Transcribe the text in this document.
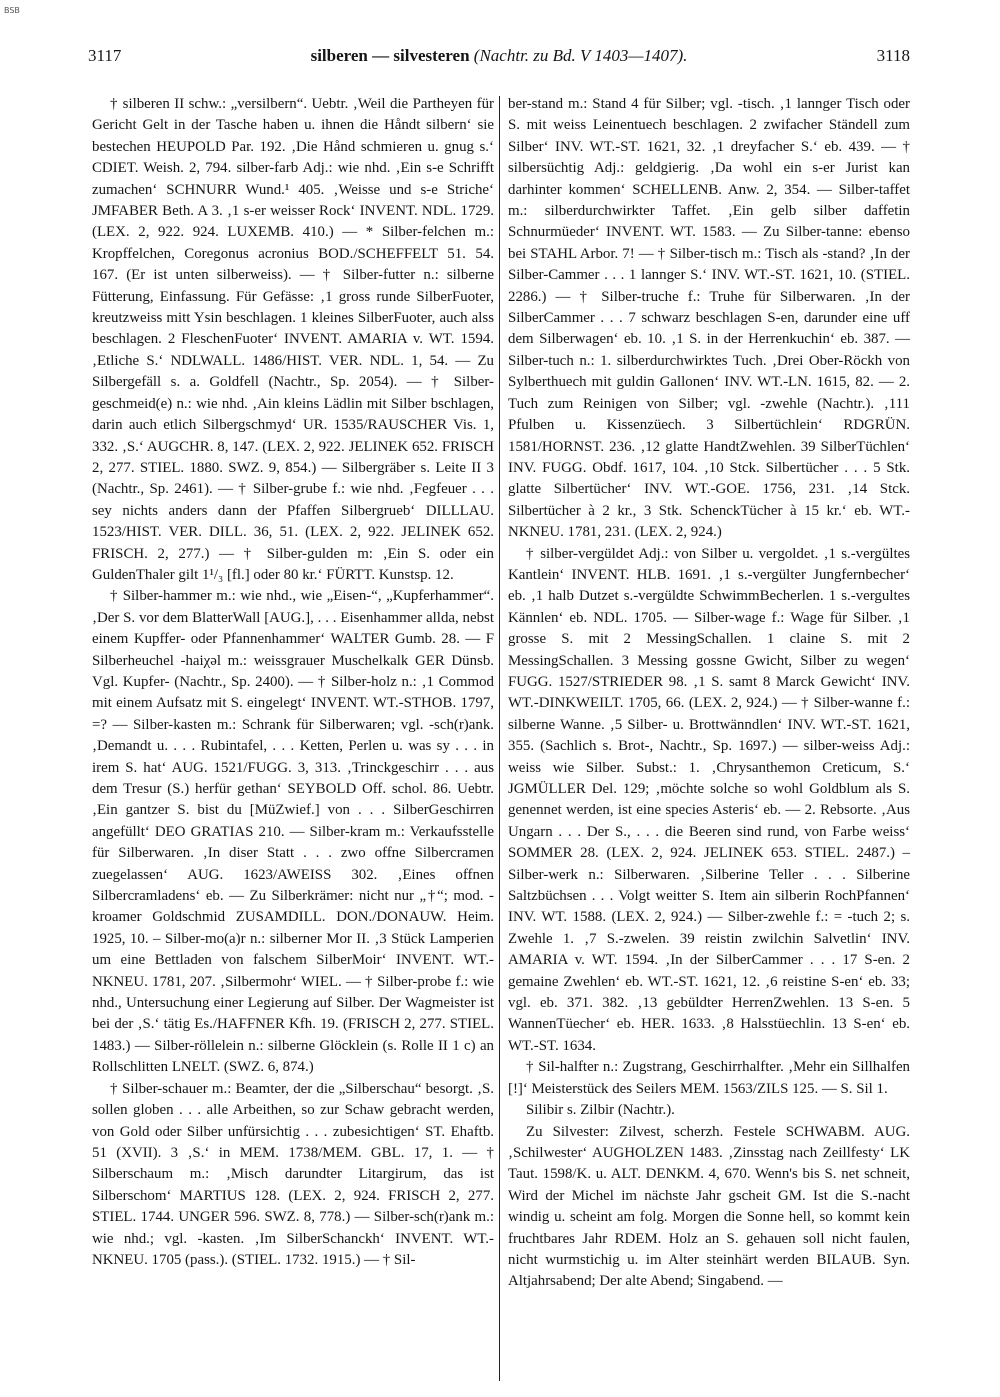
BSB
3117	silberen — silvesteren (Nachtr. zu Bd. V 1403—1407).	3118

† silberen II schw.: „versilbern“. Uebtr. ‚Weil die Partheyen für Gericht Gelt in der Tasche haben u. ihnen die Håndt silbern‘ sie bestechen HEUPOLD Par. 192. ‚Die Hånd schmieren u. gnug s.‘ CDIET. Weish. 2, 794. silber-farb Adj.: wie nhd. ‚Ein s-e Schrifft zumachen‘ SCHNURR Wund.¹ 405. ‚Weisse und s-e Striche‘ JMFABER Beth. A 3. ‚1 s-er weisser Rock‘ INVENT. NDL. 1729. (LEX. 2, 922. 924. LUXEMB. 410.) — * Silber-felchen m.: Kropffelchen, Coregonus acronius BOD./SCHEFFELT 51. 54. 167. (Er ist unten silberweiss). — † Silber-futter n.: silberne Fütterung, Einfassung. Für Gefässe: ‚1 gross runde SilberFuoter, kreutzweiss mitt Ysin beschlagen. 1 kleines SilberFuoter, auch alss beschlagen. 2 FleschenFuoter‘ INVENT. AMARIA v. WT. 1594. ‚Etliche S.‘ NDLWALL. 1486/HIST. VER. NDL. 1, 54. — Zu Silbergefäll s. a. Goldfell (Nachtr., Sp. 2054). — † Silber-geschmeid(e) n.: wie nhd. ‚Ain kleins Lädlin mit Silber bschlagen, darin auch etlich Silbergschmyd‘ UR. 1535/RAUSCHER Vis. 1, 332. ‚S.‘ AUGCHR. 8, 147. (LEX. 2, 922. JELINEK 652. FRISCH 2, 277. STIEL. 1880. SWZ. 9, 854.) — Silbergräber s. Leite II 3 (Nachtr., Sp. 2461). — † Silber-grube f.: wie nhd. ‚Fegfeuer . . . sey nichts anders dann der Pfaffen Silbergrueb‘ DILLLAU. 1523/HIST. VER. DILL. 36, 51. (LEX. 2, 922. JELINEK 652. FRISCH. 2, 277.) — † Silber-gulden m: ‚Ein S. oder ein GuldenThaler gilt 1¹/₃ [fl.] oder 80 kr.‘ FÜRTT. Kunstsp. 12.

† Silber-hammer m.: wie nhd., wie „Eisen-“, „Kupferhammer“. ‚Der S. vor dem BlatterWall [AUG.], . . . Eisenhammer allda, nebst einem Kupffer- oder Pfannenhammer‘ WALTER Gumb. 28. — F Silberheuchel -haiχəl m.: weissgrauer Muschelkalk GER Dünsb. Vgl. Kupfer- (Nachtr., Sp. 2400). — † Silber-holz n.: ‚1 Commod mit einem Aufsatz mit S. eingelegt‘ INVENT. WT.-STHOB. 1797, =? — Silber-kasten m.: Schrank für Silberwaren; vgl. -sch(r)ank. ‚Demandt u. . . . Rubintafel, . . . Ketten, Perlen u. was sy . . . in irem S. hat‘ AUG. 1521/FUGG. 3, 313. ‚Trinckgeschirr . . . aus dem Tresur (S.) herfür gethan‘ SEYBOLD Off. schol. 86. Uebtr. ‚Ein gantzer S. bist du [MüZwief.] von . . . SilberGeschirren angefüllt‘ DEO GRATIAS 210. — Silber-kram m.: Verkaufsstelle für Silberwaren. ‚In diser Statt . . . zwo offne Silbercramen zuegelassen‘ AUG. 1623/AWEISS 302. ‚Eines offnen Silbercramladens‘ eb. — Zu Silberkrämer: nicht nur „†“; mod. -kroamer Goldschmid ZUSAMDILL. DON./DONAUW. Heim. 1925, 10. – Silber-mo(a)r n.: silberner Mor II. ‚3 Stück Lamperien um eine Bettladen von falschem SilberMoir‘ INVENT. WT.-NKNEU. 1781, 207. ‚Silbermohr‘ WIEL. — † Silber-probe f.: wie nhd., Untersuchung einer Legierung auf Silber. Der Wagmeister ist bei der ‚S.‘ tätig Es./HAFFNER Kfh. 19. (FRISCH 2, 277. STIEL. 1483.) — Silber-röllelein n.: silberne Glöcklein (s. Rolle II 1 c) an Rollschlitten LNELT. (SWZ. 6, 874.)

† Silber-schauer m.: Beamter, der die „Silberschau“ besorgt. ‚S. sollen globen . . . alle Arbeithen, so zur Schaw gebracht werden, von Gold oder Silber unfürsichtig . . . zubesichtigen‘ ST. Ehaftb. 51 (XVII). 3 ‚S.‘ in MEM. 1738/MEM. GBL. 17, 1. — † Silberschaum m.: ‚Misch darundter Litargirum, das ist Silberschom‘ MARTIUS 128. (LEX. 2, 924. FRISCH 2, 277. STIEL. 1744. UNGER 596. SWZ. 8, 778.) — Silber-sch(r)ank m.: wie nhd.; vgl. -kasten. ‚Im SilberSchanckh‘ INVENT. WT.-NKNEU. 1705 (pass.). (STIEL. 1732. 1915.) — † Sil-

ber-stand m.: Stand 4 für Silber; vgl. -tisch. ‚1 lannger Tisch oder S. mit weiss Leinentuech beschlagen. 2 zwifacher Ständell zum Silber‘ INV. WT.-ST. 1621, 32. ‚1 dreyfacher S.‘ eb. 439. — † silbersüchtig Adj.: geldgierig. ‚Da wohl ein s-er Jurist kan darhinter kommen‘ SCHELLENB. Anw. 2, 354. — Silber-taffet m.: silberdurchwirkter Taffet. ‚Ein gelb silber daffetin Schnurmüeder‘ INVENT. WT. 1583. — Zu Silber-tanne: ebenso bei STAHL Arbor. 7! — † Silber-tisch m.: Tisch als -stand? ‚In der Silber-Cammer . . . 1 lannger S.‘ INV. WT.-ST. 1621, 10. (STIEL. 2286.) — † Silber-truche f.: Truhe für Silberwaren. ‚In der SilberCammer . . . 7 schwarz beschlagen S-en, darunder eine uff dem Silberwagen‘ eb. 10. ‚1 S. in der Herrenkuchin‘ eb. 387. — Silber-tuch n.: 1. silberdurchwirktes Tuch. ‚Drei Ober-Röckh von Sylberthuech mit guldin Gallonen‘ INV. WT.-LN. 1615, 82. — 2. Tuch zum Reinigen von Silber; vgl. -zwehle (Nachtr.). ‚111 Pfulben u. Kissenzüech. 3 Silbertüchlein‘ RDGRÜN. 1581/HORNST. 236. ‚12 glatte HandtZwehlen. 39 SilberTüchlen‘ INV. FUGG. Obdf. 1617, 104. ‚10 Stck. Silbertücher . . . 5 Stk. glatte Silbertücher‘ INV. WT.-GOE. 1756, 231. ‚14 Stck. Silbertücher à 2 kr., 3 Stk. SchenckTücher à 15 kr.‘ eb. WT.-NKNEU. 1781, 231. (LEX. 2, 924.)

† silber-vergüldet Adj.: von Silber u. vergoldet. ‚1 s.-vergültes Kantlein‘ INVENT. HLB. 1691. ‚1 s.-vergülter Jungfernbecher‘ eb. ‚1 halb Dutzet s.-vergüldte SchwimmBecherlen. 1 s.-vergultes Kännlen‘ eb. NDL. 1705. — Silber-wage f.: Wage für Silber. ‚1 grosse S. mit 2 MessingSchallen. 1 claine S. mit 2 MessingSchallen. 3 Messing gossne Gwicht, Silber zu wegen‘ FUGG. 1527/STRIEDER 98. ‚1 S. samt 8 Marck Gewicht‘ INV. WT.-DINKWEILT. 1705, 66. (LEX. 2, 924.) — † Silber-wanne f.: silberne Wanne. ‚5 Silber- u. Brottwänndlen‘ INV. WT.-ST. 1621, 355. (Sachlich s. Brot-, Nachtr., Sp. 1697.) — silber-weiss Adj.: weiss wie Silber. Subst.: 1. ‚Chrysanthemon Creticum, S.‘ JGMÜLLER Del. 129; ‚möchte solche so wohl Goldblum als S. genennet werden, ist eine species Asteris‘ eb. — 2. Rebsorte. ‚Aus Ungarn . . . Der S., . . . die Beeren sind rund, von Farbe weiss‘ SOMMER 28. (LEX. 2, 924. JELINEK 653. STIEL. 2487.) – Silber-werk n.: Silberwaren. ‚Silberine Teller . . . Silberine Saltzbüchsen . . . Volgt weitter S. Item ain silberin RochPfannen‘ INV. WT. 1588. (LEX. 2, 924.) — Silber-zwehle f.: = -tuch 2; s. Zwehle 1. ‚7 S.-zwelen. 39 reistin zwilchin Salvetlin‘ INV. AMARIA v. WT. 1594. ‚In der SilberCammer . . . 17 S-en. 2 gemaine Zwehlen‘ eb. WT.-ST. 1621, 12. ‚6 reistine S-en‘ eb. 33; vgl. eb. 371. 382. ‚13 gebüldter HerrenZwehlen. 13 S-en. 5 WannenTüecher‘ eb. HER. 1633. ‚8 Halsstüechlin. 13 S-en‘ eb. WT.-ST. 1634.

† Sil-halfter n.: Zugstrang, Geschirrhalfter. ‚Mehr ein Sillhalfen [!]‘ Meisterstück des Seilers MEM. 1563/ZILS 125. — S. Sil 1.

Silibir s. Zilbir (Nachtr.).

Zu Silvester: Zilvest, scherzh. Festele SCHWABM. AUG. ‚Schilwester‘ AUGHOLZEN 1483. ‚Zinsstag nach Zeillfesty‘ LK Taut. 1598/K. u. ALT. DENKM. 4, 670. Wenn's bis S. net schneit, Wird der Michel im nächste Jahr gscheit GM. Ist die S.-nacht windig u. scheint am folg. Morgen die Sonne hell, so kommt kein fruchtbares Jahr RDEM. Holz an S. gehauen soll nicht faulen, nicht wurmstichig u. im Alter steinhärt werden BILAUB. Syn. Altjahrsabend; Der alte Abend; Singabend. —
